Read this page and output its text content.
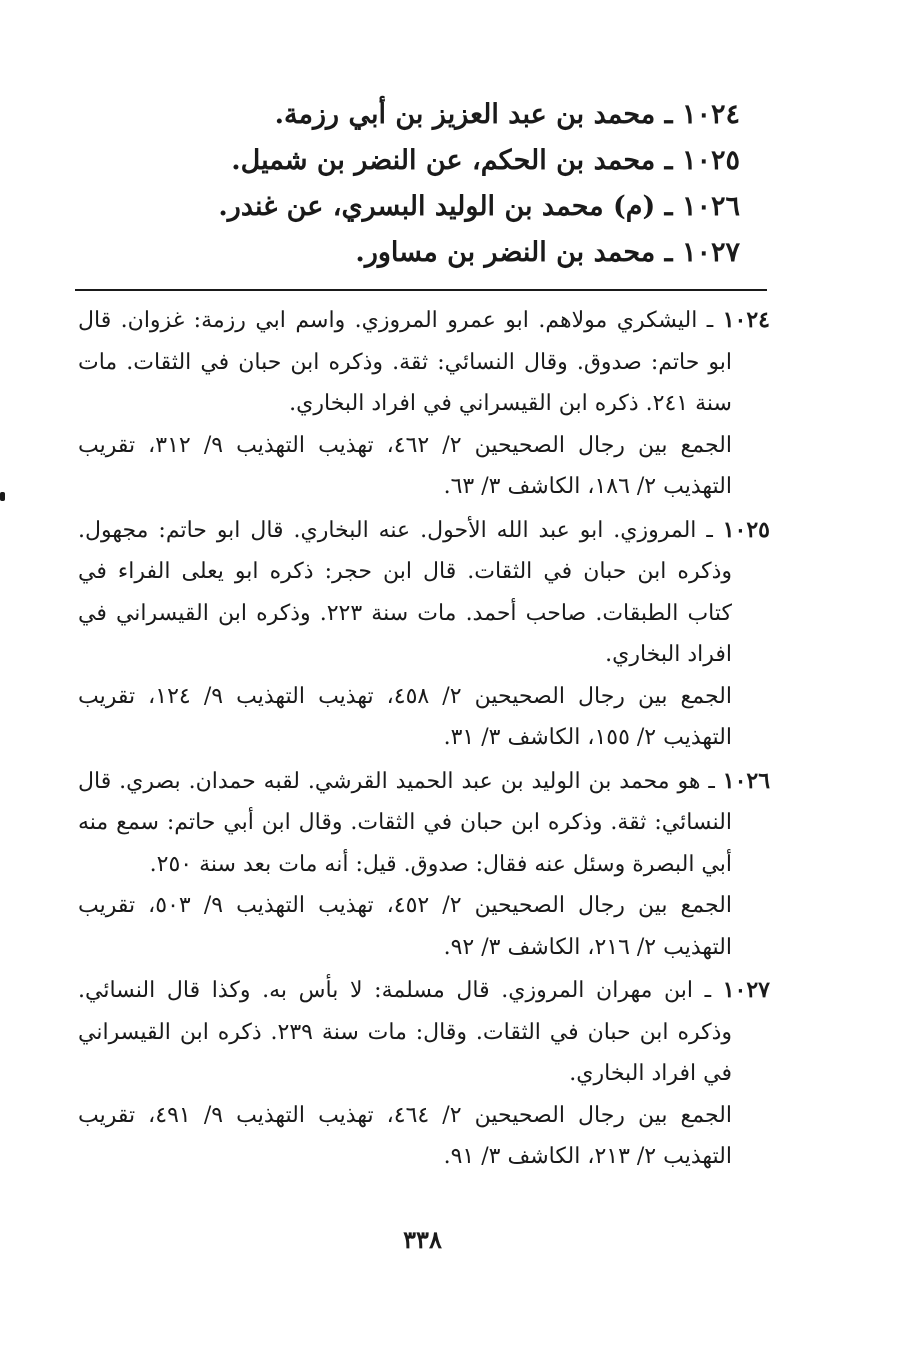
١٠٢٤ ـ محمد بن عبد العزيز بن أبي رزمة.
١٠٢٥ ـ محمد بن الحكم، عن النضر بن شميل.
١٠٢٦ ـ (م) محمد بن الوليد البسري، عن غندر.
١٠٢٧ ـ محمد بن النضر بن مساور.

١٠٢٤ ـ اليشكري مولاهم. ابو عمرو المروزي. واسم ابي رزمة: غزوان. قال ابو حاتم: صدوق. وقال النسائي: ثقة. وذكره ابن حبان في الثقات. مات سنة ٢٤١. ذكره ابن القيسراني في افراد البخاري.

الجمع بين رجال الصحيحين ٢/ ٤٦٢، تهذيب التهذيب ٩/ ٣١٢، تقريب التهذيب ٢/ ١٨٦، الكاشف ٣/ ٦٣.

١٠٢٥ ـ المروزي. ابو عبد الله الأحول. عنه البخاري. قال ابو حاتم: مجهول. وذكره ابن حبان في الثقات. قال ابن حجر: ذكره ابو يعلى الفراء في كتاب الطبقات. صاحب أحمد. مات سنة ٢٢٣. وذكره ابن القيسراني في افراد البخاري.

الجمع بين رجال الصحيحين ٢/ ٤٥٨، تهذيب التهذيب ٩/ ١٢٤، تقريب التهذيب ٢/ ١٥٥، الكاشف ٣/ ٣١.

١٠٢٦ ـ هو محمد بن الوليد بن عبد الحميد القرشي. لقبه حمدان. بصري. قال النسائي: ثقة. وذكره ابن حبان في الثقات. وقال ابن أبي حاتم: سمع منه أبي البصرة وسئل عنه فقال: صدوق. قيل: أنه مات بعد سنة ٢٥٠.

الجمع بين رجال الصحيحين ٢/ ٤٥٢، تهذيب التهذيب ٩/ ٥٠٣، تقريب التهذيب ٢/ ٢١٦، الكاشف ٣/ ٩٢.

١٠٢٧ ـ ابن مهران المروزي. قال مسلمة: لا بأس به. وكذا قال النسائي. وذكره ابن حبان في الثقات. وقال: مات سنة ٢٣٩. ذكره ابن القيسراني في افراد البخاري.

الجمع بين رجال الصحيحين ٢/ ٤٦٤، تهذيب التهذيب ٩/ ٤٩١، تقريب التهذيب ٢/ ٢١٣، الكاشف ٣/ ٩١.

٣٣٨
